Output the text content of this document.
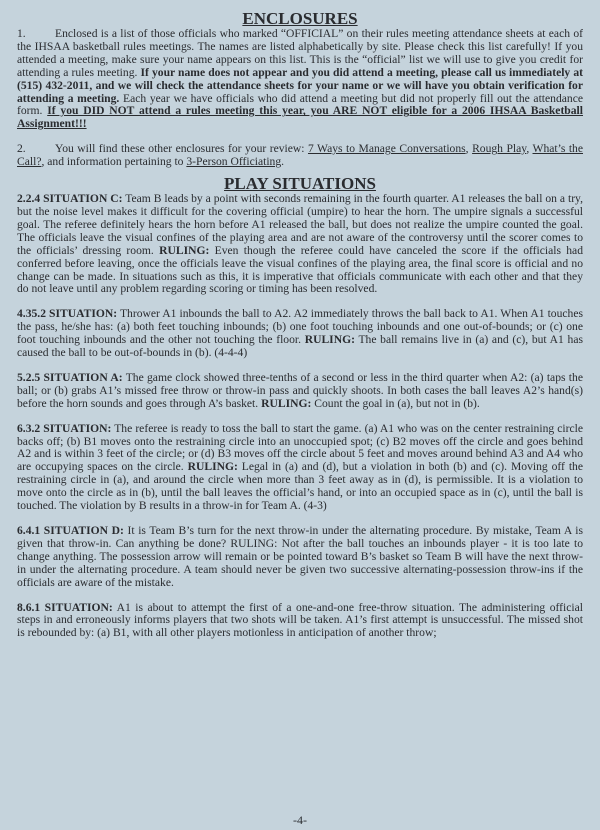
ENCLOSURES

1.	Enclosed is a list of those officials who marked “OFFICIAL” on their rules meeting attendance sheets at each of the IHSAA basketball rules meetings. The names are listed alphabetically by site. Please check this list carefully! If you attended a meeting, make sure your name appears on this list. This is the “official” list we will use to give you credit for attending a rules meeting. If your name does not appear and you did attend a meeting, please call us immediately at (515) 432-2011, and we will check the attendance sheets for your name or we will have you obtain verification for attending a meeting. Each year we have officials who did attend a meeting but did not properly fill out the attendance form. If you DID NOT attend a rules meeting this year, you ARE NOT eligible for a 2006 IHSAA Basketball Assignment!!!

2.	You will find these other enclosures for your review: 7 Ways to Manage Conversations, Rough Play, What’s the Call?, and information pertaining to 3-Person Officiating.

PLAY SITUATIONS

2.2.4 SITUATION C: Team B leads by a point with seconds remaining in the fourth quarter. A1 releases the ball on a try, but the noise level makes it difficult for the covering official (umpire) to hear the horn. The umpire signals a successful goal. The referee definitely hears the horn before A1 released the ball, but does not realize the umpire counted the goal. The officials leave the visual confines of the playing area and are not aware of the controversy until the scorer comes to the officials’ dressing room. RULING: Even though the referee could have canceled the score if the officials had conferred before leaving, once the officials leave the visual confines of the playing area, the final score is official and no change can be made. In situations such as this, it is imperative that officials communicate with each other and that they do not leave until any problem regarding scoring or timing has been resolved.

4.35.2 SITUATION: Thrower A1 inbounds the ball to A2. A2 immediately throws the ball back to A1. When A1 touches the pass, he/she has: (a) both feet touching inbounds; (b) one foot touching inbounds and one out-of-bounds; or (c) one foot touching inbounds and the other not touching the floor. RULING: The ball remains live in (a) and (c), but A1 has caused the ball to be out-of-bounds in (b). (4-4-4)

5.2.5 SITUATION A: The game clock showed three-tenths of a second or less in the third quarter when A2: (a) taps the ball; or (b) grabs A1’s missed free throw or throw-in pass and quickly shoots. In both cases the ball leaves A2’s hand(s) before the horn sounds and goes through A’s basket. RULING: Count the goal in (a), but not in (b).

6.3.2 SITUATION: The referee is ready to toss the ball to start the game. (a) A1 who was on the center restraining circle backs off; (b) B1 moves onto the restraining circle into an unoccupied spot; (c) B2 moves off the circle and goes behind A2 and is within 3 feet of the circle; or (d) B3 moves off the circle about 5 feet and moves around behind A3 and A4 who are occupying spaces on the circle. RULING: Legal in (a) and (d), but a violation in both (b) and (c). Moving off the restraining circle in (a), and around the circle when more than 3 feet away as in (d), is permissible. It is a violation to move onto the circle as in (b), until the ball leaves the official’s hand, or into an occupied space as in (c), until the ball is touched. The violation by B results in a throw-in for Team A. (4-3)

6.4.1 SITUATION D: It is Team B’s turn for the next throw-in under the alternating procedure. By mistake, Team A is given that throw-in. Can anything be done? RULING: Not after the ball touches an inbounds player - it is too late to change anything. The possession arrow will remain or be pointed toward B’s basket so Team B will have the next throw-in under the alternating procedure. A team should never be given two successive alternating-possession throw-ins if the officials are aware of the mistake.

8.6.1 SITUATION: A1 is about to attempt the first of a one-and-one free-throw situation. The administering official steps in and erroneously informs players that two shots will be taken. A1’s first attempt is unsuccessful. The missed shot is rebounded by: (a) B1, with all other players motionless in anticipation of another throw;

-4-
